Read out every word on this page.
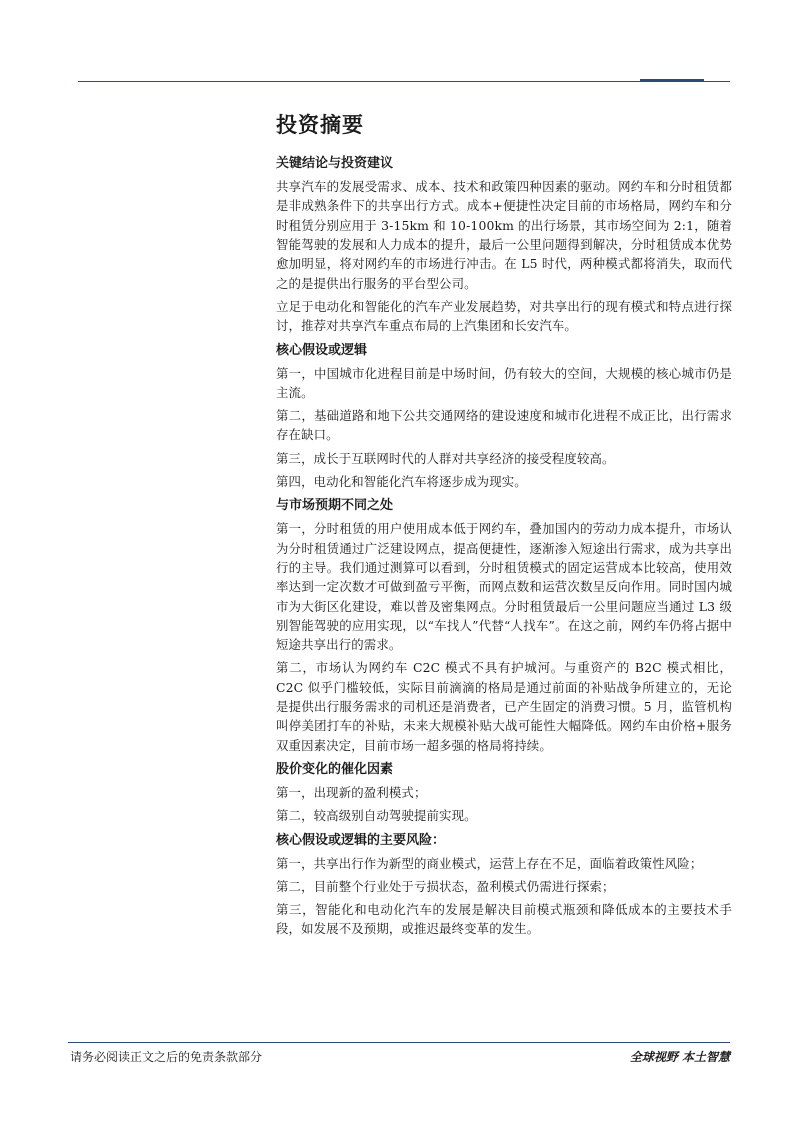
投资摘要
关键结论与投资建议

共享汽车的发展受需求、成本、技术和政策四种因素的驱动。网约车和分时租赁都是非成熟条件下的共享出行方式。成本+便捷性决定目前的市场格局，网约车和分时租赁分别应用于 3-15km 和 10-100km 的出行场景，其市场空间为 2:1，随着智能驾驶的发展和人力成本的提升，最后一公里问题得到解决，分时租赁成本优势愈加明显，将对网约车的市场进行冲击。在 L5 时代，两种模式都将消失，取而代之的是提供出行服务的平台型公司。

立足于电动化和智能化的汽车产业发展趋势，对共享出行的现有模式和特点进行探讨，推荐对共享汽车重点布局的上汽集团和长安汽车。

核心假设或逻辑

第一，中国城市化进程目前是中场时间，仍有较大的空间，大规模的核心城市仍是主流。

第二，基础道路和地下公共交通网络的建设速度和城市化进程不成正比，出行需求存在缺口。

第三，成长于互联网时代的人群对共享经济的接受程度较高。

第四，电动化和智能化汽车将逐步成为现实。

与市场预期不同之处

第一，分时租赁的用户使用成本低于网约车，叠加国内的劳动力成本提升，市场认为分时租赁通过广泛建设网点，提高便捷性，逐渐渗入短途出行需求，成为共享出行的主导。我们通过测算可以看到，分时租赁模式的固定运营成本比较高，使用效率达到一定次数才可做到盈亏平衡，而网点数和运营次数呈反向作用。同时国内城市为大街区化建设，难以普及密集网点。分时租赁最后一公里问题应当通过 L3 级别智能驾驶的应用实现，以“车找人”代替“人找车”。在这之前，网约车仍将占据中短途共享出行的需求。

第二，市场认为网约车 C2C 模式不具有护城河。与重资产的 B2C 模式相比，C2C 似乎门槛较低，实际目前滴滴的格局是通过前面的补贴战争所建立的，无论是提供出行服务需求的司机还是消费者，已产生固定的消费习惯。5 月，监管机构叫停美团打车的补贴，未来大规模补贴大战可能性大幅降低。网约车由价格+服务双重因素决定，目前市场一超多强的格局将持续。

股价变化的催化因素

第一，出现新的盈利模式；

第二，较高级别自动驾驶提前实现。

核心假设或逻辑的主要风险：

第一，共享出行作为新型的商业模式，运营上存在不足，面临着政策性风险；

第二，目前整个行业处于亏损状态，盈利模式仍需进行探索；

第三，智能化和电动化汽车的发展是解决目前模式瓶颈和降低成本的主要技术手段，如发展不及预期，或推迟最终变革的发生。

请务必阅读正文之后的免责条款部分	全球视野 本土智慧
